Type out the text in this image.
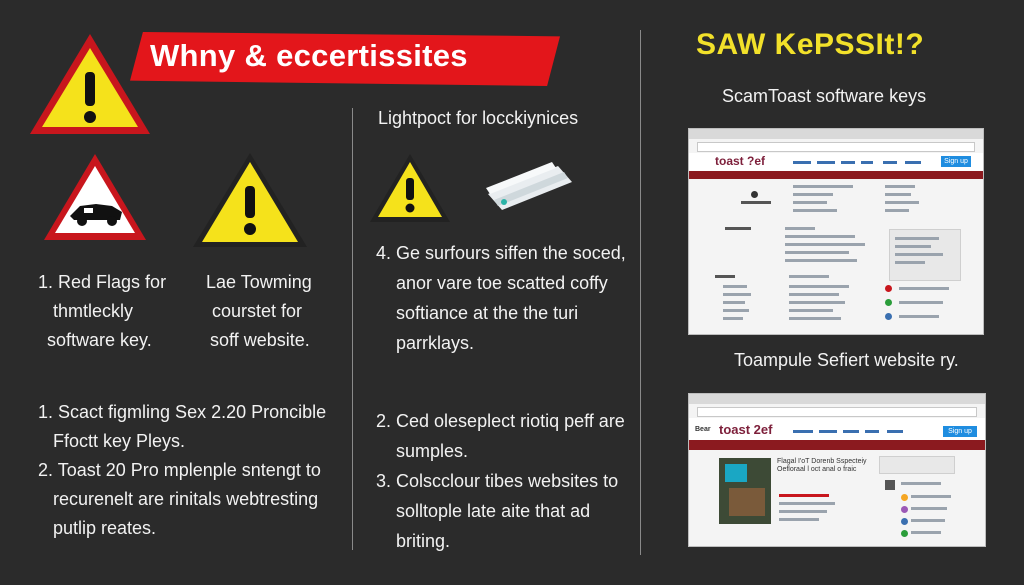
Whny & eccertissites
1. Red Flags for
thmtleckly
software key.
Lae Towming
courstet for
soff website.
1. Scact figmling Sex 2.20 Proncible
Ffoctt key Pleys.
2. Toast 20 Pro mplenple sntengt to
recurenelt are rinitals webtresting
putlip reates.
Lightpoct for locckiynices
4. Ge surfours siffen the soced,
anor vare toe scatted coffy
softiance at the the turi
parrklays.
2. Ced oleseplect riotiq peff are
sumples.
3. Colscclour tibes websites to
solltople late aite that ad
briting.
SAW KePSSIt!?
ScamToast software keys
toast ?ef	Sign up
Toampule Sefiert website ry.
Bear toast 2ef	Sign up
Flagal I'oT Dorenb Sspecteiy Oefloraal l oct anal o fraic
